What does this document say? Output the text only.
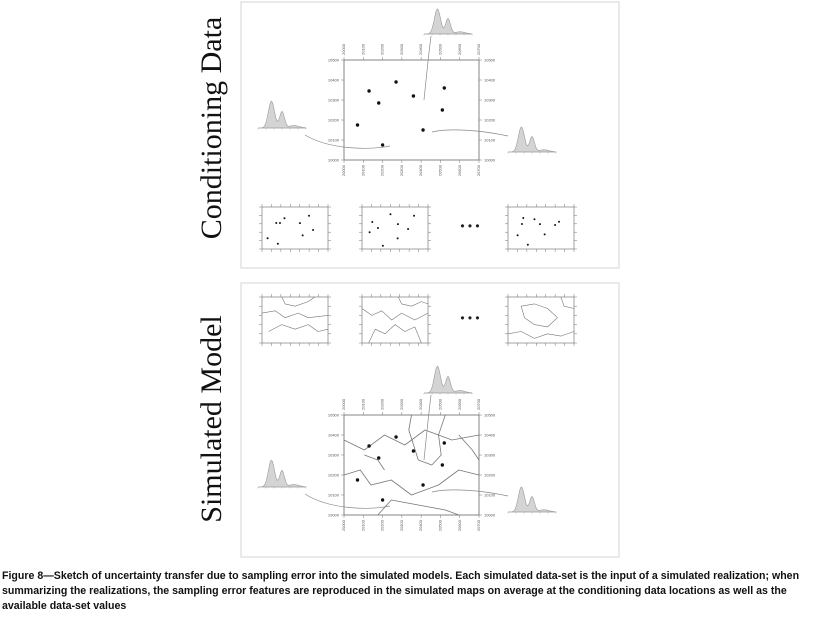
20000
20000
20100
20100
20200
20200
20300
20300
20400
20400
20500
20500
20600
20600
20700
20700
10000	10000
10100	10100
10200	10200
10300	10300
10400	10400
10500	10500
20000
20000
20100
20100
20200
20200
20300
20300
20400
20400
20500
20500
20600
20600
20700
20700
10000	10000
10100	10100
10200	10200
10300	10300
10400	10400
10500	10500
• • •
• • •
Conditioning Data
Simulated Model
Figure 8—Sketch of uncertainty transfer due to sampling error into the simulated models. Each simulated data-set is the input of a simulated realization; when summarizing the realizations, the sampling error features are reproduced in the simulated maps on average at the conditioning data locations as well as the available data-set values
